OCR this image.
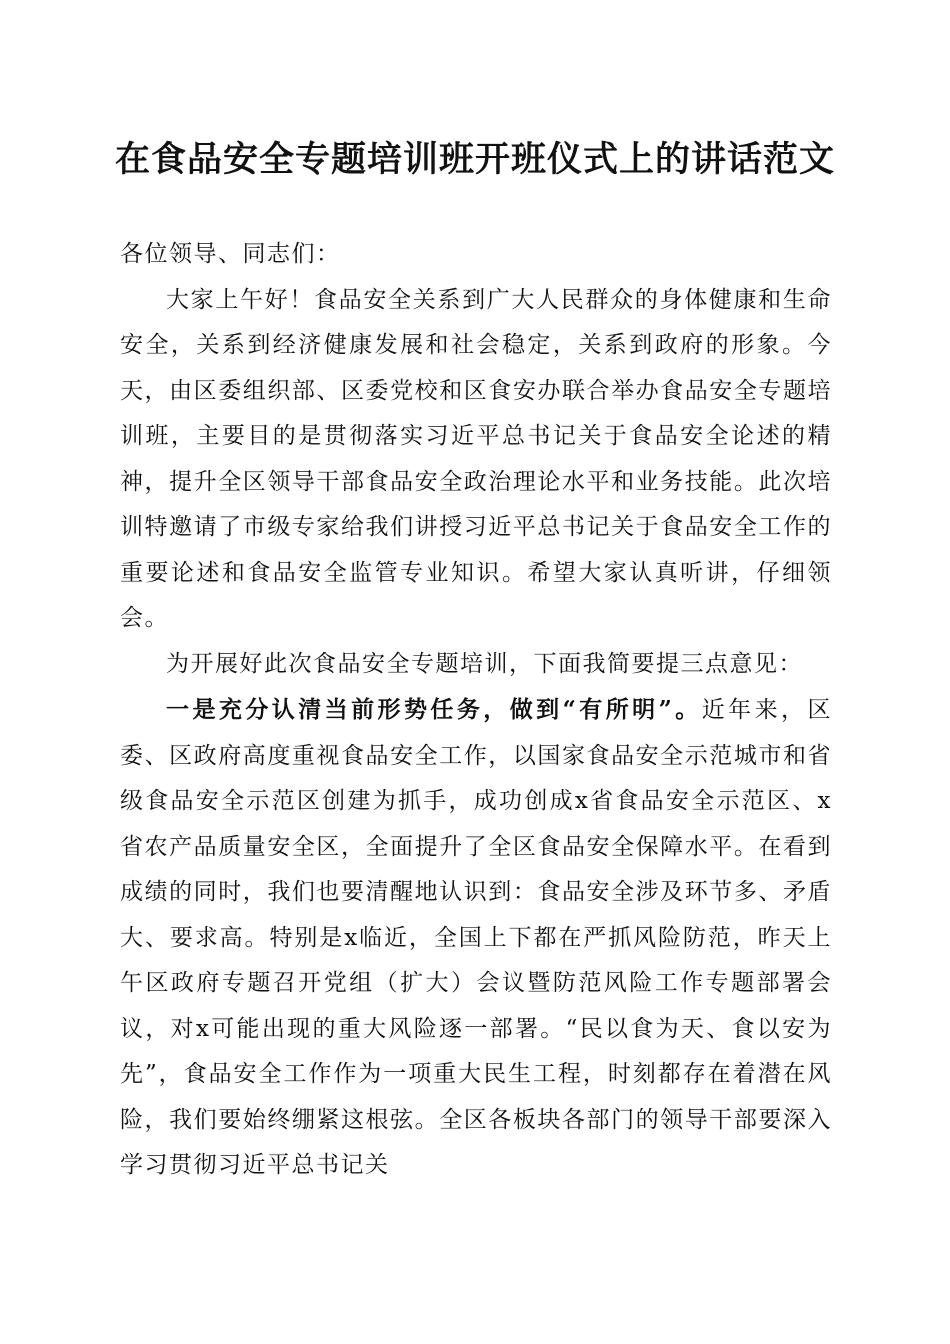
在食品安全专题培训班开班仪式上的讲话范文

各位领导、同志们：

大家上午好！食品安全关系到广大人民群众的身体健康和生命安全，关系到经济健康发展和社会稳定，关系到政府的形象。今天，由区委组织部、区委党校和区食安办联合举办食品安全专题培训班，主要目的是贯彻落实习近平总书记关于食品安全论述的精神，提升全区领导干部食品安全政治理论水平和业务技能。此次培训特邀请了市级专家给我们讲授习近平总书记关于食品安全工作的重要论述和食品安全监管专业知识。希望大家认真听讲，仔细领会。

为开展好此次食品安全专题培训，下面我简要提三点意见：

一是充分认清当前形势任务，做到“有所明”。近年来，区委、区政府高度重视食品安全工作，以国家食品安全示范城市和省级食品安全示范区创建为抓手，成功创成x省食品安全示范区、x省农产品质量安全区，全面提升了全区食品安全保障水平。在看到成绩的同时，我们也要清醒地认识到：食品安全涉及环节多、矛盾大、要求高。特别是x临近，全国上下都在严抓风险防范，昨天上午区政府专题召开党组（扩大）会议暨防范风险工作专题部署会议，对x可能出现的重大风险逐一部署。“民以食为天、食以安为先”，食品安全工作作为一项重大民生工程，时刻都存在着潜在风险，我们要始终绷紧这根弦。全区各板块各部门的领导干部要深入学习贯彻习近平总书记关
